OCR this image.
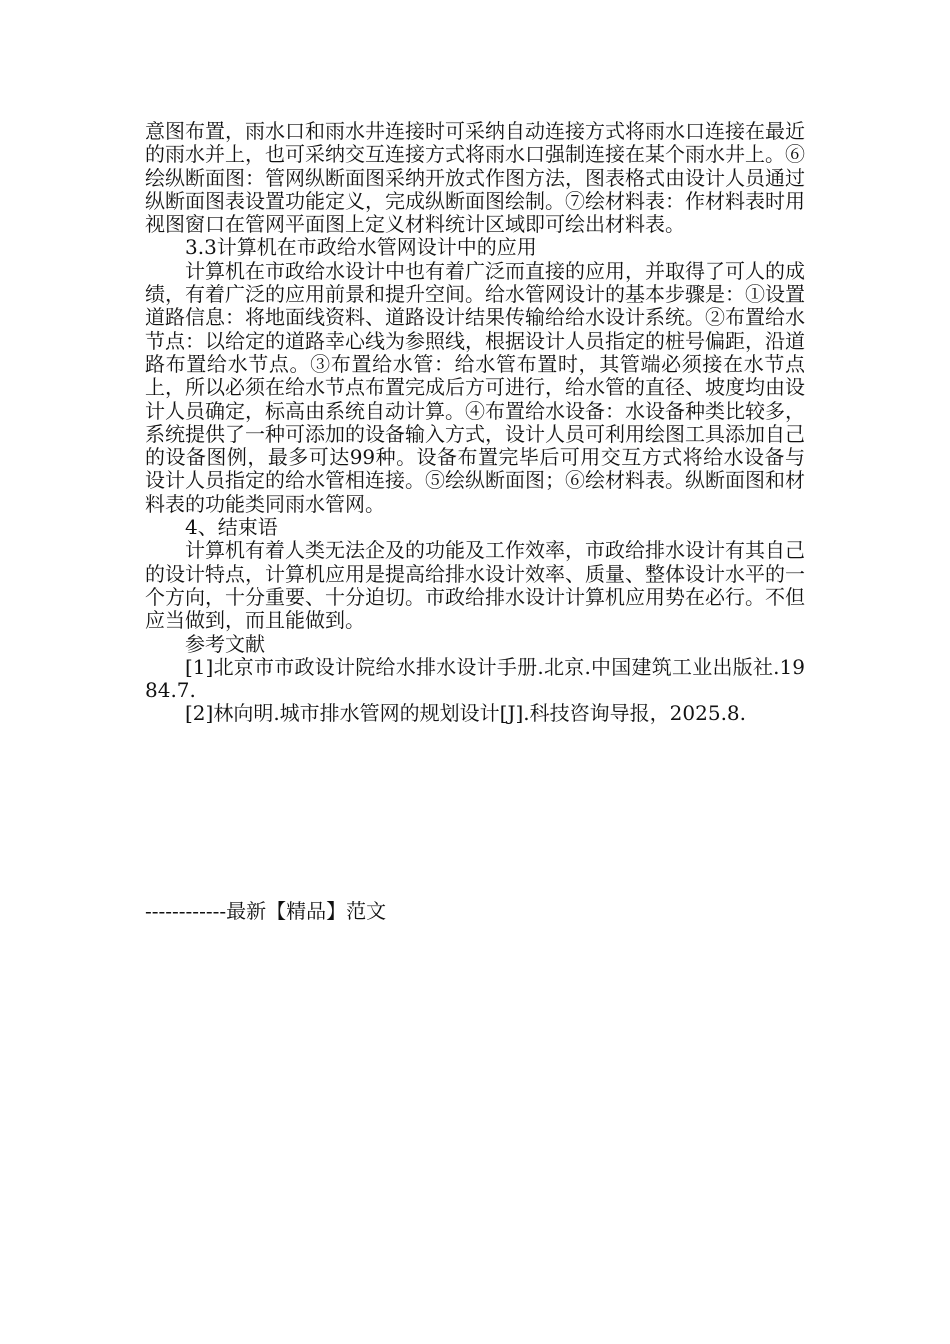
意图布置，雨水口和雨水井连接时可采纳自动连接方式将雨水口连接在最近的雨水并上，也可采纳交互连接方式将雨水口强制连接在某个雨水井上。⑥绘纵断面图：管网纵断面图采纳开放式作图方法，图表格式由设计人员通过纵断面图表设置功能定义，完成纵断面图绘制。⑦绘材料表：作材料表时用视图窗口在管网平面图上定义材料统计区域即可绘出材料表。

3.3计算机在市政给水管网设计中的应用

计算机在市政给水设计中也有着广泛而直接的应用，并取得了可人的成绩，有着广泛的应用前景和提升空间。给水管网设计的基本步骤是：①设置道路信息：将地面线资料、道路设计结果传输给给水设计系统。②布置给水节点：以给定的道路幸心线为参照线，根据设计人员指定的桩号偏距，沿道路布置给水节点。③布置给水管：给水管布置时，其管端必须接在水节点上，所以必须在给水节点布置完成后方可进行，给水管的直径、坡度均由设计人员确定，标高由系统自动计算。④布置给水设备：水设备种类比较多，系统提供了一种可添加的设备输入方式，设计人员可利用绘图工具添加自己的设备图例，最多可达99种。设备布置完毕后可用交互方式将给水设备与设计人员指定的给水管相连接。⑤绘纵断面图；⑥绘材料表。纵断面图和材料表的功能类同雨水管网。

4、结束语

计算机有着人类无法企及的功能及工作效率，市政给排水设计有其自己的设计特点，计算机应用是提高给排水设计效率、质量、整体设计水平的一个方向，十分重要、十分迫切。市政给排水设计计算机应用势在必行。不但应当做到，而且能做到。

参考文献

[1]北京市市政设计院给水排水设计手册.北京.中国建筑工业出版社.1984.7.

[2]林向明.城市排水管网的规划设计[J].科技咨询导报，2025.8.

------------最新【精品】范文
